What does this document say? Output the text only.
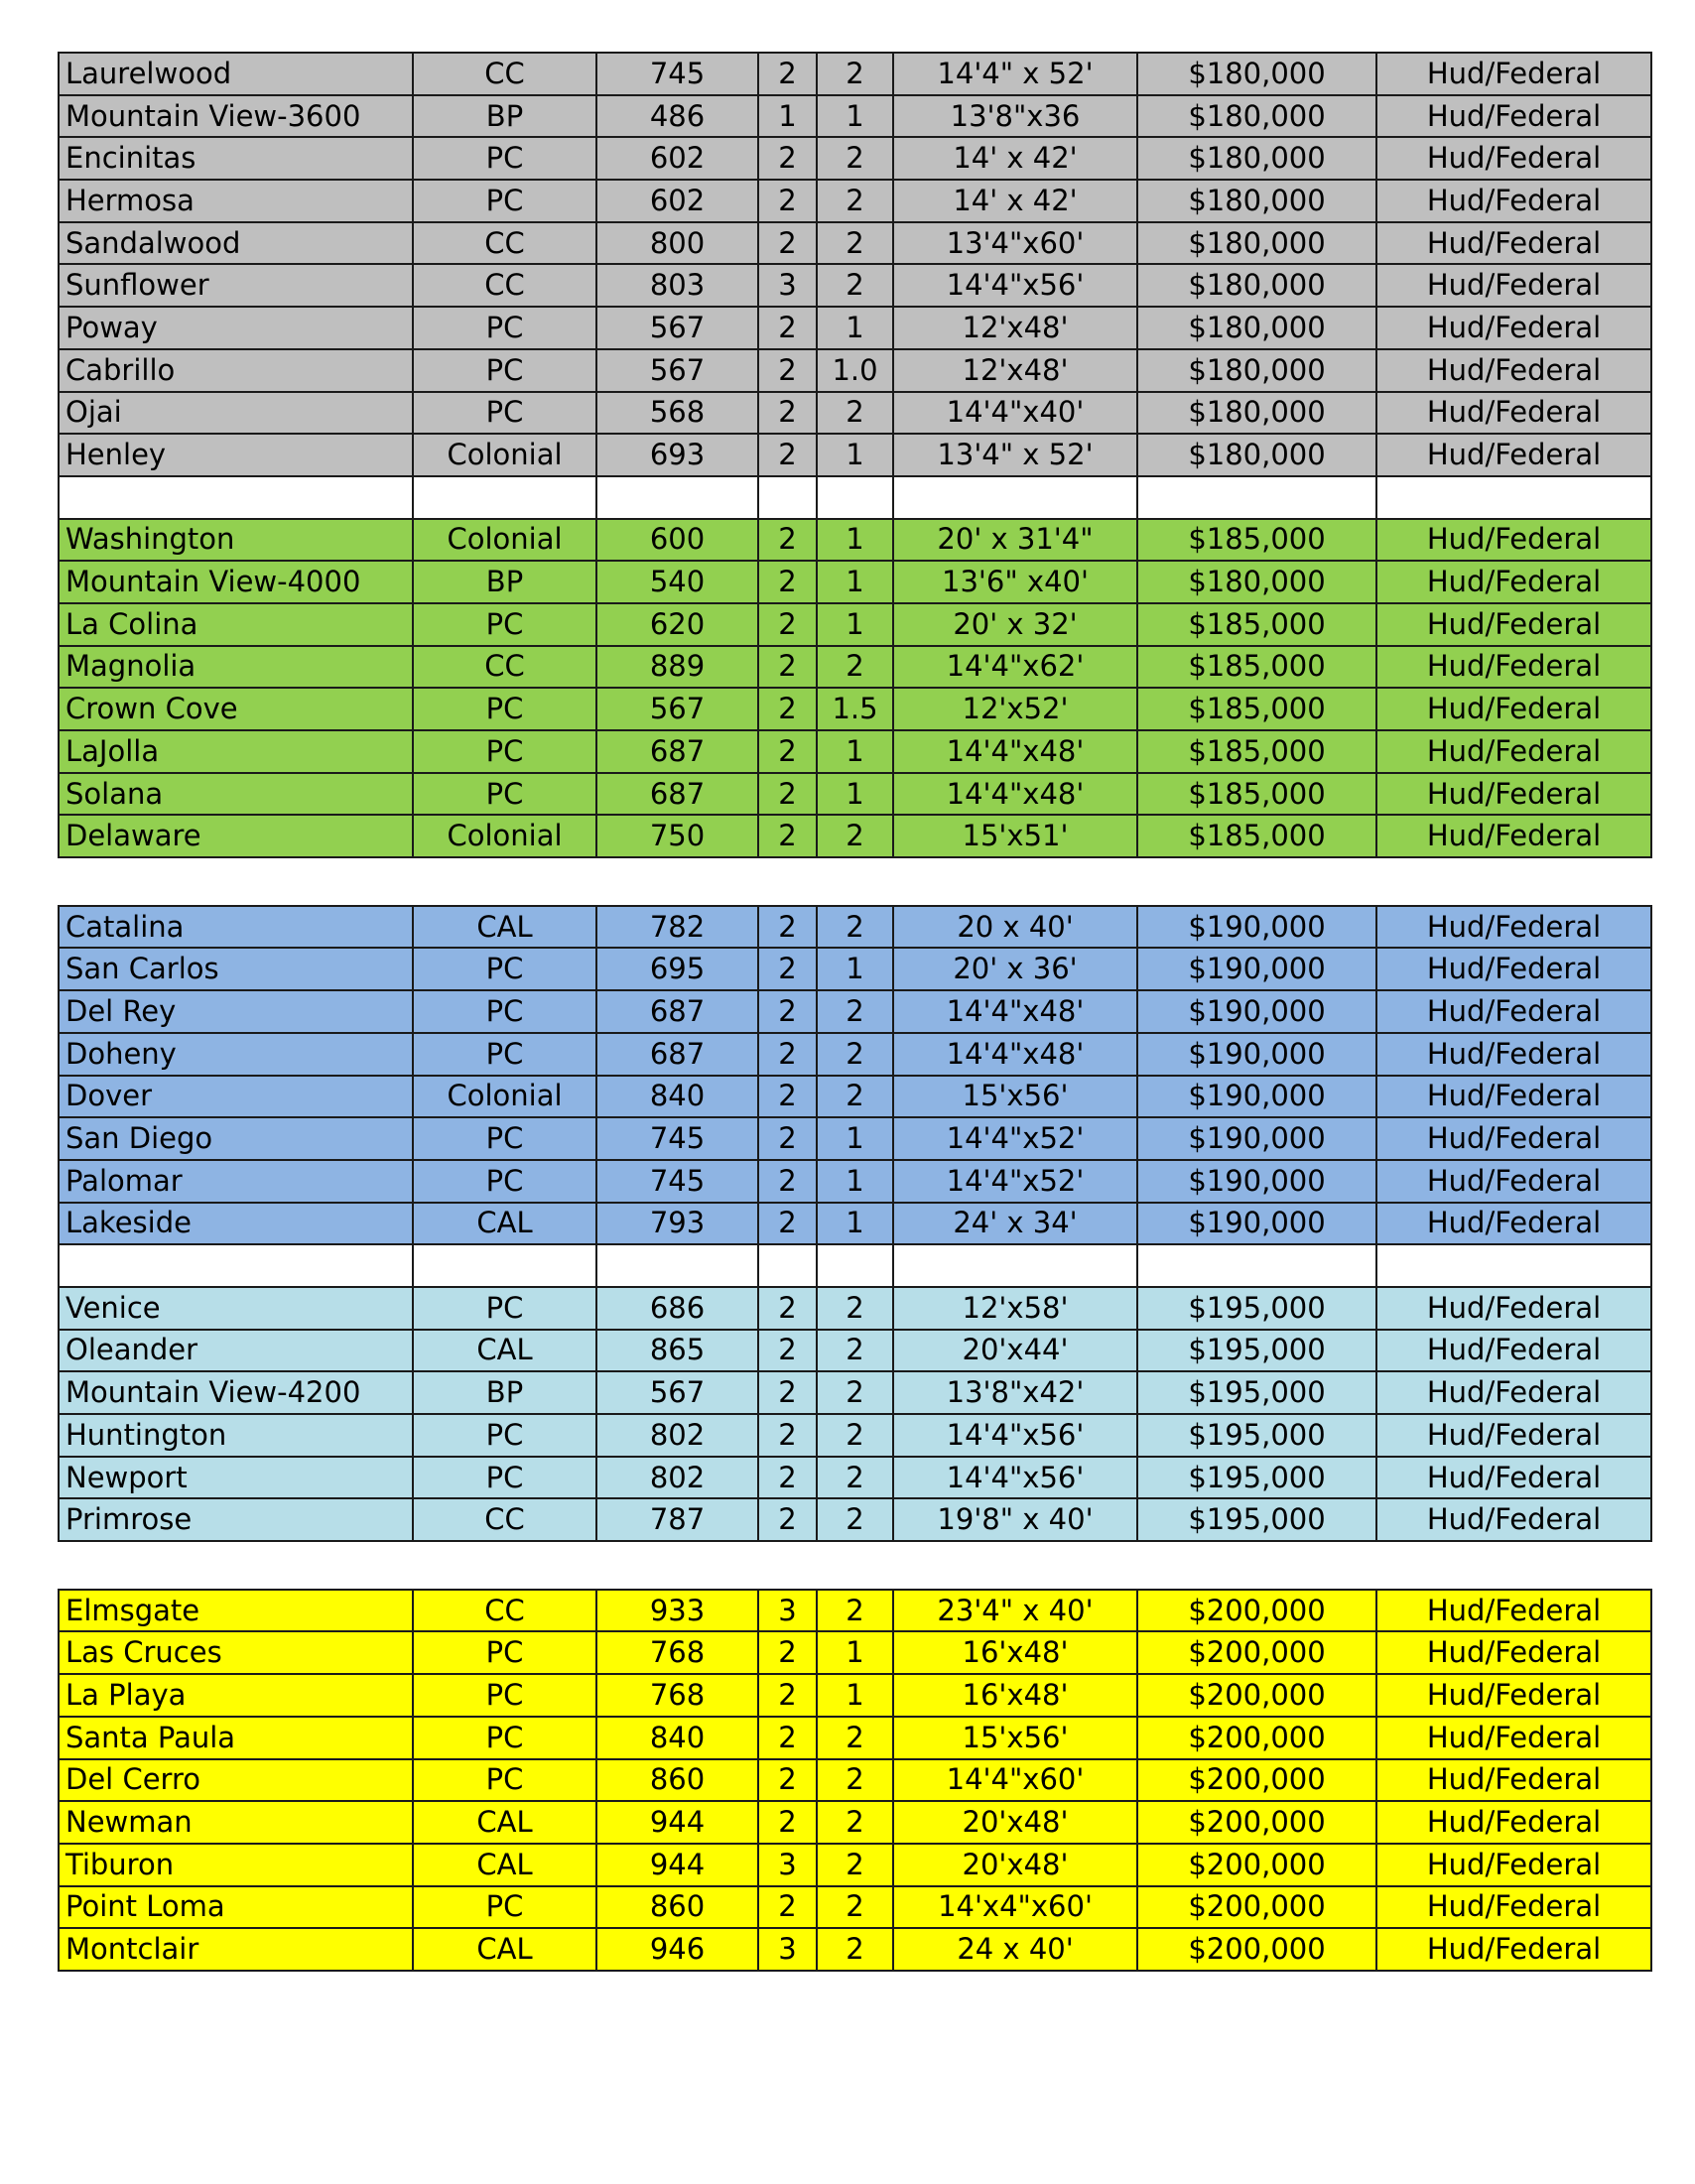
Laurelwood	CC	745	2	2	14'4" x 52'	$180,000	Hud/Federal
Mountain View-3600	BP	486	1	1	13'8"x36	$180,000	Hud/Federal
Encinitas	PC	602	2	2	14' x 42'	$180,000	Hud/Federal
Hermosa	PC	602	2	2	14' x 42'	$180,000	Hud/Federal
Sandalwood	CC	800	2	2	13'4"x60'	$180,000	Hud/Federal
Sunflower	CC	803	3	2	14'4"x56'	$180,000	Hud/Federal
Poway	PC	567	2	1	12'x48'	$180,000	Hud/Federal
Cabrillo	PC	567	2	1.0	12'x48'	$180,000	Hud/Federal
Ojai	PC	568	2	2	14'4"x40'	$180,000	Hud/Federal
Henley	Colonial	693	2	1	13'4" x 52'	$180,000	Hud/Federal

Washington	Colonial	600	2	1	20' x 31'4"	$185,000	Hud/Federal
Mountain View-4000	BP	540	2	1	13'6" x40'	$180,000	Hud/Federal
La Colina	PC	620	2	1	20' x 32'	$185,000	Hud/Federal
Magnolia	CC	889	2	2	14'4"x62'	$185,000	Hud/Federal
Crown Cove	PC	567	2	1.5	12'x52'	$185,000	Hud/Federal
LaJolla	PC	687	2	1	14'4"x48'	$185,000	Hud/Federal
Solana	PC	687	2	1	14'4"x48'	$185,000	Hud/Federal
Delaware	Colonial	750	2	2	15'x51'	$185,000	Hud/Federal
Catalina	CAL	782	2	2	20 x 40'	$190,000	Hud/Federal
San Carlos	PC	695	2	1	20' x 36'	$190,000	Hud/Federal
Del Rey	PC	687	2	2	14'4"x48'	$190,000	Hud/Federal
Doheny	PC	687	2	2	14'4"x48'	$190,000	Hud/Federal
Dover	Colonial	840	2	2	15'x56'	$190,000	Hud/Federal
San Diego	PC	745	2	1	14'4"x52'	$190,000	Hud/Federal
Palomar	PC	745	2	1	14'4"x52'	$190,000	Hud/Federal
Lakeside	CAL	793	2	1	24' x 34'	$190,000	Hud/Federal

Venice	PC	686	2	2	12'x58'	$195,000	Hud/Federal
Oleander	CAL	865	2	2	20'x44'	$195,000	Hud/Federal
Mountain View-4200	BP	567	2	2	13'8"x42'	$195,000	Hud/Federal
Huntington	PC	802	2	2	14'4"x56'	$195,000	Hud/Federal
Newport	PC	802	2	2	14'4"x56'	$195,000	Hud/Federal
Primrose	CC	787	2	2	19'8" x 40'	$195,000	Hud/Federal
Elmsgate	CC	933	3	2	23'4" x 40'	$200,000	Hud/Federal
Las Cruces	PC	768	2	1	16'x48'	$200,000	Hud/Federal
La Playa	PC	768	2	1	16'x48'	$200,000	Hud/Federal
Santa Paula	PC	840	2	2	15'x56'	$200,000	Hud/Federal
Del Cerro	PC	860	2	2	14'4"x60'	$200,000	Hud/Federal
Newman	CAL	944	2	2	20'x48'	$200,000	Hud/Federal
Tiburon	CAL	944	3	2	20'x48'	$200,000	Hud/Federal
Point Loma	PC	860	2	2	14'x4"x60'	$200,000	Hud/Federal
Montclair	CAL	946	3	2	24 x 40'	$200,000	Hud/Federal
